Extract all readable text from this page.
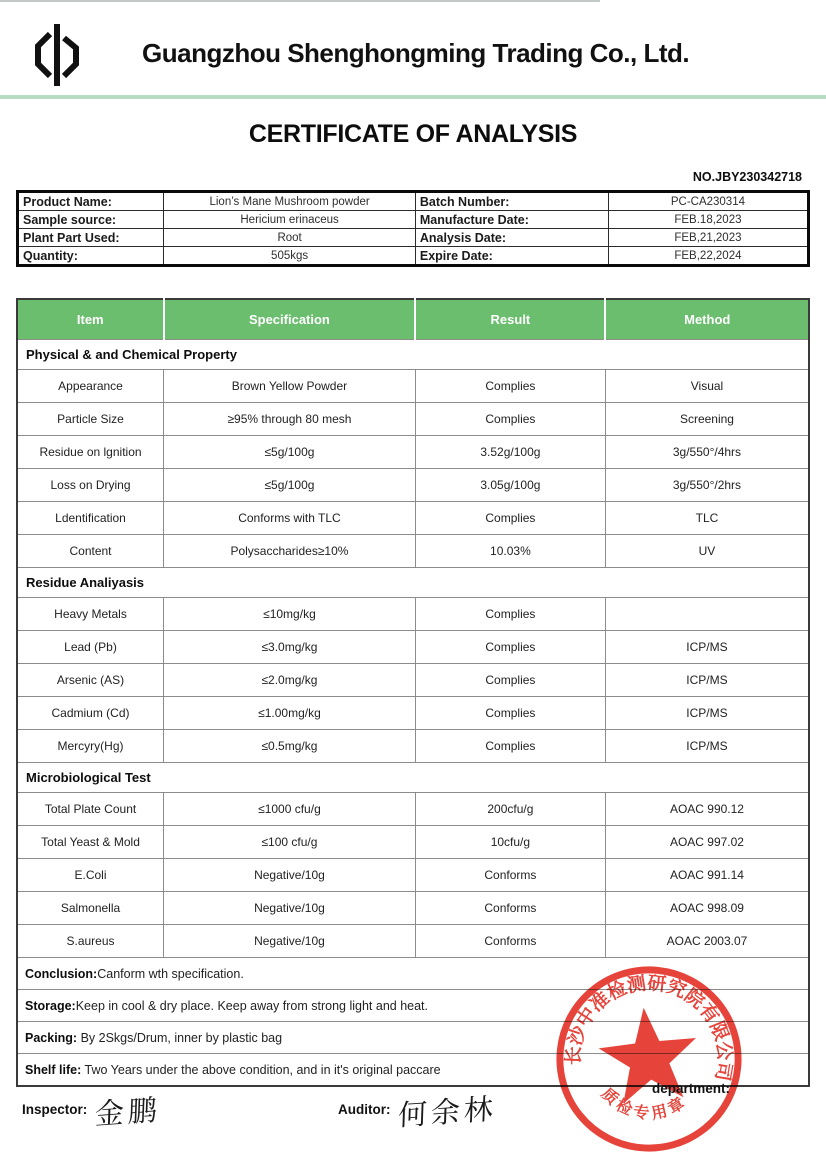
Guangzhou Shenghongming Trading Co., Ltd.
CERTIFICATE OF ANALYSIS
NO.JBY230342718
Product Name:	Lion’s Mane Mushroom powder	Batch Number:	PC-CA230314
Sample source:	Hericium erinaceus	Manufacture Date:	FEB.18,2023
Plant Part Used:	Root	Analysis Date:	FEB,21,2023
Quantity:	505kgs	Expire Date:	FEB,22,2024
Item	Specification	Result	Method
Physical & and Chemical Property			
Appearance	Brown Yellow Powder	Complies	Visual
Particle Size	≥95% through 80 mesh	Complies	Screening
Residue on lgnition	≤5g/100g	3.52g/100g	3g/550°/4hrs
Loss on Drying	≤5g/100g	3.05g/100g	3g/550°/2hrs
Ldentification	Conforms with TLC	Complies	TLC
Content	Polysaccharides≥10%	10.03%	UV
Residue Analiyasis			
Heavy Metals	≤10mg/kg	Complies	
Lead (Pb)	≤3.0mg/kg	Complies	ICP/MS
Arsenic (AS)	≤2.0mg/kg	Complies	ICP/MS
Cadmium (Cd)	≤1.00mg/kg	Complies	ICP/MS
Mercyry(Hg)	≤0.5mg/kg	Complies	ICP/MS
Microbiological Test			
Total Plate Count	≤1000 cfu/g	200cfu/g	AOAC 990.12
Total Yeast & Mold	≤100 cfu/g	10cfu/g	AOAC 997.02
E.Coli	Negative/10g	Conforms	AOAC 991.14
Salmonella	Negative/10g	Conforms	AOAC 998.09
S.aureus	Negative/10g	Conforms	AOAC 2003.07
Conclusion:Canform wth specification.			
Storage:Keep in cool & dry place. Keep away from strong light and heat.			
Packing: By 2Skgs/Drum, inner by plastic bag			
Shelf life: Two Years under the above condition, and in it's original paccare			
Inspector: 金鹏	Auditor: 何余林
department:
长沙中准检测研究院有限公司
质检专用章
